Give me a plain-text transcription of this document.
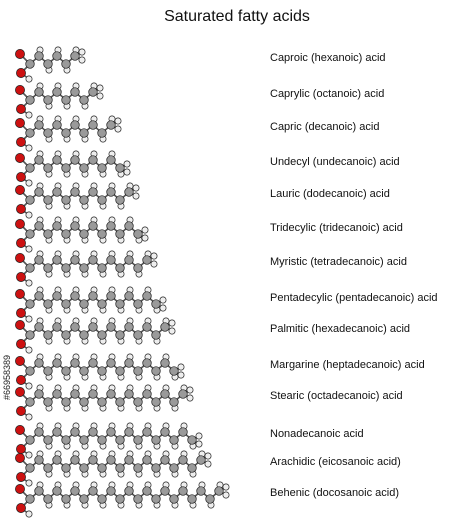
Saturated fatty acids
Caproic (hexanoic) acid
Caprylic (octanoic) acid
Capric (decanoic) acid
Undecyl (undecanoic) acid
Lauric (dodecanoic) acid
Tridecylic (tridecanoic) acid
Myristic (tetradecanoic) acid
Pentadecylic (pentadecanoic) acid
Palmitic (hexadecanoic) acid
Margarine (heptadecanoic) acid
Stearic (octadecanoic) acid
Nonadecanoic acid
Arachidic (eicosanoic acid)
Behenic (docosanoic acid)
#66958389
